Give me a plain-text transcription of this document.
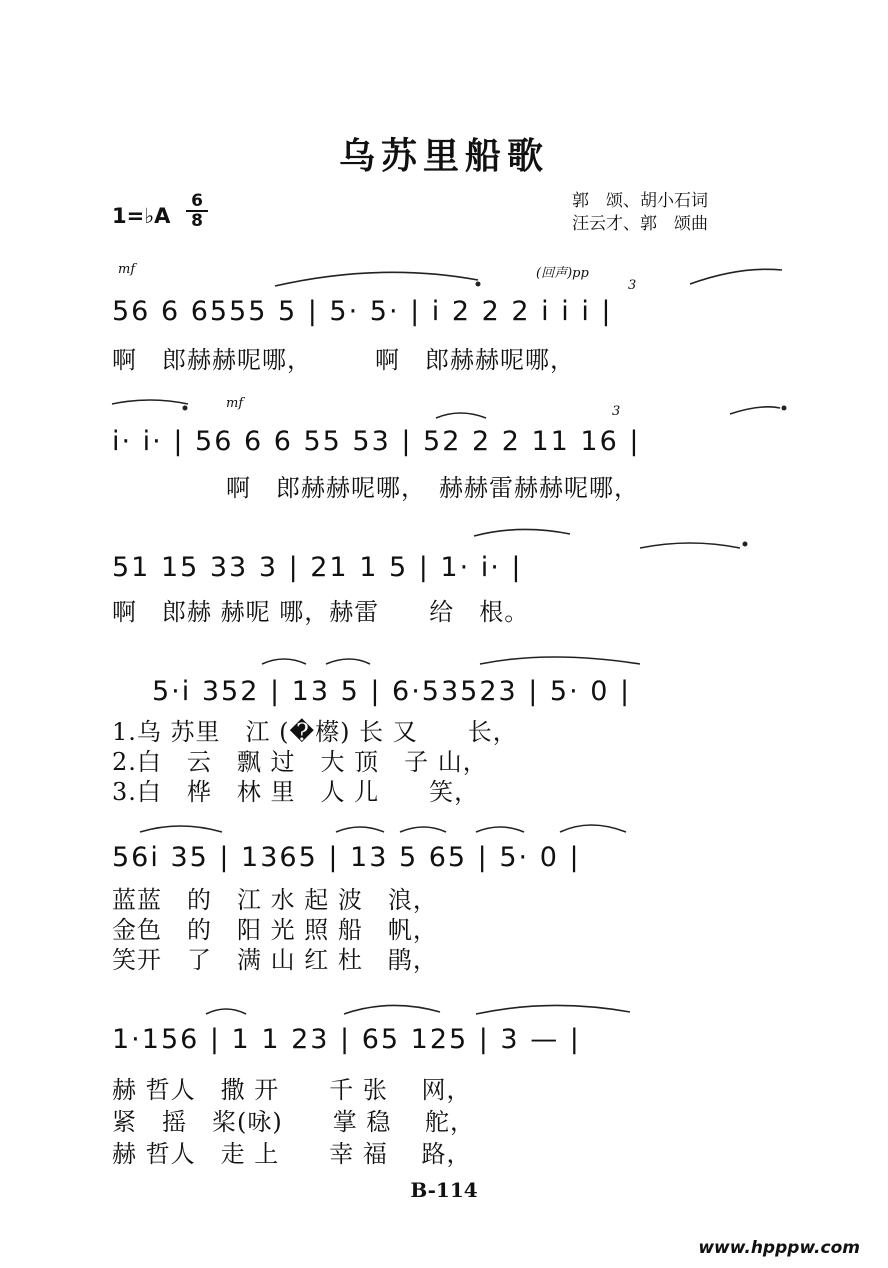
乌苏里船歌
1=♭A
6
8
郭　颂、胡小石词
汪云才、郭　颂曲
mf	(回声)pp
mf
3
3
56 6 6555 5 | 5· 5· | i 2 2 2 i i i |
啊　郎赫赫呢哪，　　　啊　郎赫赫呢哪，
i· i· | 56 6 6 55 53 | 52 2 2 11 16 |
啊　郎赫赫呢哪，　赫赫雷赫赫呢哪，
51 15 33 3 | 21 1 5 | 1· i· |
啊　郎赫 赫呢 哪，赫雷　　给　根。
5·i 352 | 13 5 | 6·53523 | 5· 0 |
1.乌 苏里　江 (�櫒) 长 又　　长，
2.白　云　飘 过　大 顶　子 山，
3.白　桦　林 里　人 儿　　笑，
56i 35 | 1365 | 13 5 65 | 5· 0 |
蓝蓝　的　江 水 起 波　浪，
金色　的　阳 光 照 船　帆，
笑开　了　满 山 红 杜　鹃，
1·156 | 1 1 23 | 65 125 | 3 — |
赫 哲人　撒 开　　千 张　 网，
紧　摇　桨(咏)　　掌 稳　 舵，
赫 哲人　走 上　　幸 福　 路，
B-114
www.hpppw.com
